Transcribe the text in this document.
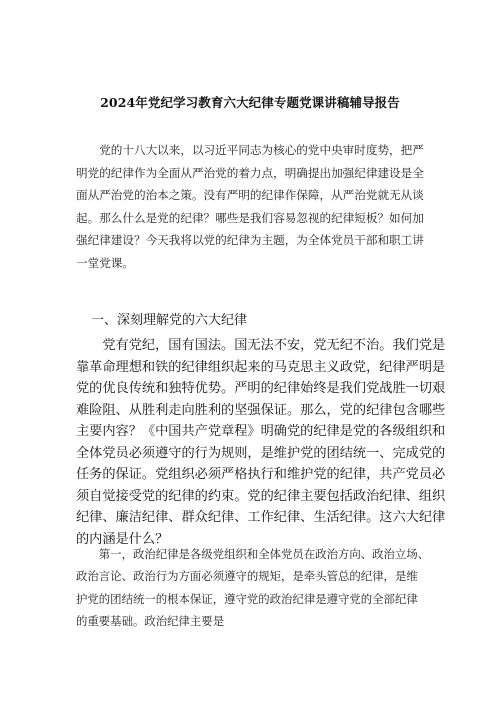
2024年党纪学习教育六大纪律专题党课讲稿辅导报告
　　党的十八大以来，以习近平同志为核心的党中央审时度势，把严
明党的纪律作为全面从严治党的着力点，明确提出加强纪律建设是全
面从严治党的治本之策。没有严明的纪律作保障，从严治党就无从谈
起。那么什么是党的纪律？哪些是我们容易忽视的纪律短板？如何加
强纪律建设？今天我将以党的纪律为主题，为全体党员干部和职工讲
一堂党课。
一、深刻理解党的六大纪律
　　党有党纪，国有国法。国无法不安，党无纪不治。我们党是
靠革命理想和铁的纪律组织起来的马克思主义政党，纪律严明是
党的优良传统和独特优势。严明的纪律始终是我们党战胜一切艰
难险阻、从胜利走向胜利的坚强保证。那么，党的纪律包含哪些
主要内容？《中国共产党章程》明确党的纪律是党的各级组织和
全体党员必须遵守的行为规则，是维护党的团结统一、完成党的
任务的保证。党组织必须严格执行和维护党的纪律，共产党员必
须自觉接受党的纪律的约束。党的纪律主要包括政治纪律、组织
纪律、廉洁纪律、群众纪律、工作纪律、生活纪律。这六大纪律
的内涵是什么？
　　第一，政治纪律是各级党组织和全体党员在政治方向、政治立场、
政治言论、政治行为方面必须遵守的规矩，是牵头管总的纪律，是维
护党的团结统一的根本保证，遵守党的政治纪律是遵守党的全部纪律
的重要基础。政治纪律主要是
